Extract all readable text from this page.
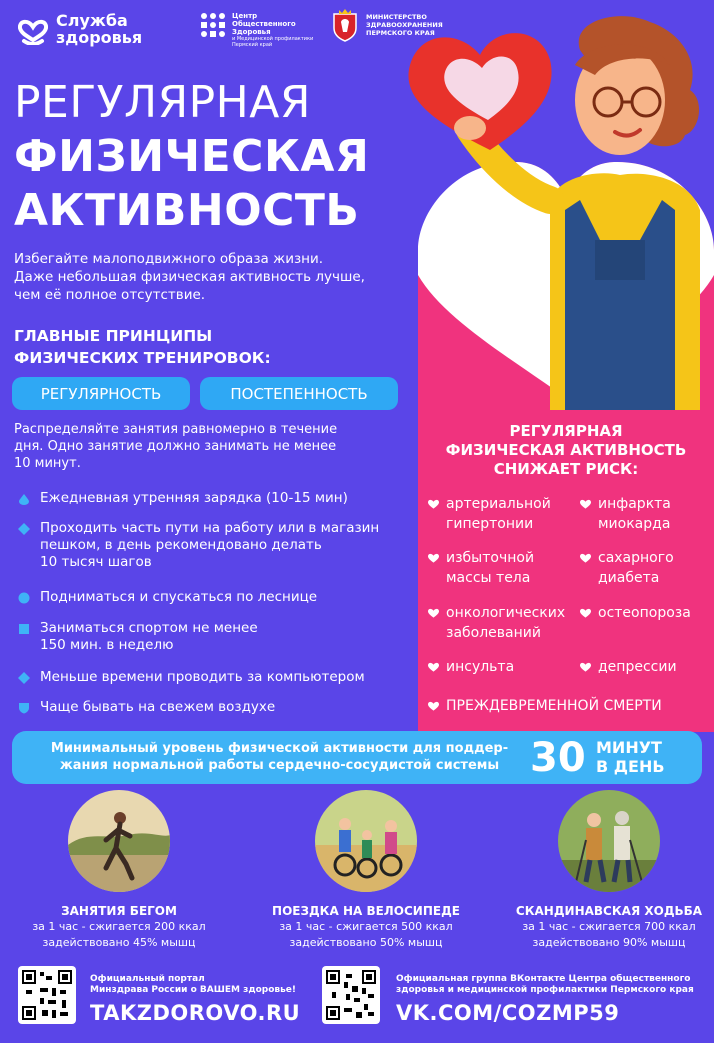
Служба
здоровья
Центр
Общественного
Здоровья
и Медицинской профилактики
Пермский край
МИНИСТЕРСТВО
ЗДРАВООХРАНЕНИЯ
ПЕРМСКОГО КРАЯ
РЕГУЛЯРНАЯ
ФИЗИЧЕСКАЯ
АКТИВНОСТЬ
Избегайте малоподвижного образа жизни.
Даже небольшая физическая активность лучше,
чем её полное отсутствие.
ГЛАВНЫЕ ПРИНЦИПЫ
ФИЗИЧЕСКИХ ТРЕНИРОВОК:
РЕГУЛЯРНОСТЬ	ПОСТЕПЕННОСТЬ
Распределяйте занятия равномерно в течение
дня. Одно занятие должно занимать не менее
10 минут.
Ежедневная утренняя зарядка (10-15 мин)
Проходить часть пути на работу или в магазин
пешком, в день рекомендовано делать
10 тысяч шагов
Подниматься и спускаться по леснице
Заниматься спортом не менее
150 мин. в неделю
Меньше времени проводить за компьютером
Чаще бывать на свежем воздухе
РЕГУЛЯРНАЯ
ФИЗИЧЕСКАЯ АКТИВНОСТЬ
СНИЖАЕТ РИСК:
артериальной
гипертонии
инфаркта
миокарда
избыточной
массы тела
сахарного
диабета
онкологических
заболеваний
остеопороза
инсульта	депрессии
ПРЕЖДЕВРЕМЕННОЙ СМЕРТИ
Минимальный уровень физической активности для поддер-
жания нормальной работы сердечно-сосудистой системы 30 МИНУТ
В ДЕНЬ
ЗАНЯТИЯ БЕГОМ
за 1 час - сжигается 200 ккал
задействовано 45% мышц
ПОЕЗДКА НА ВЕЛОСИПЕДЕ
за 1 час - сжигается 500 ккал
задействовано 50% мышц
СКАНДИНАВСКАЯ ХОДЬБА
за 1 час - сжигается 700 ккал
задействовано 90% мышц
Официальный портал
Минздрава России о ВАШЕМ здоровье!
TAKZDOROVO.RU
Официальная группа ВКонтакте Центра общественного
здоровья и медицинской профилактики Пермского края
VK.COM/COZMP59
